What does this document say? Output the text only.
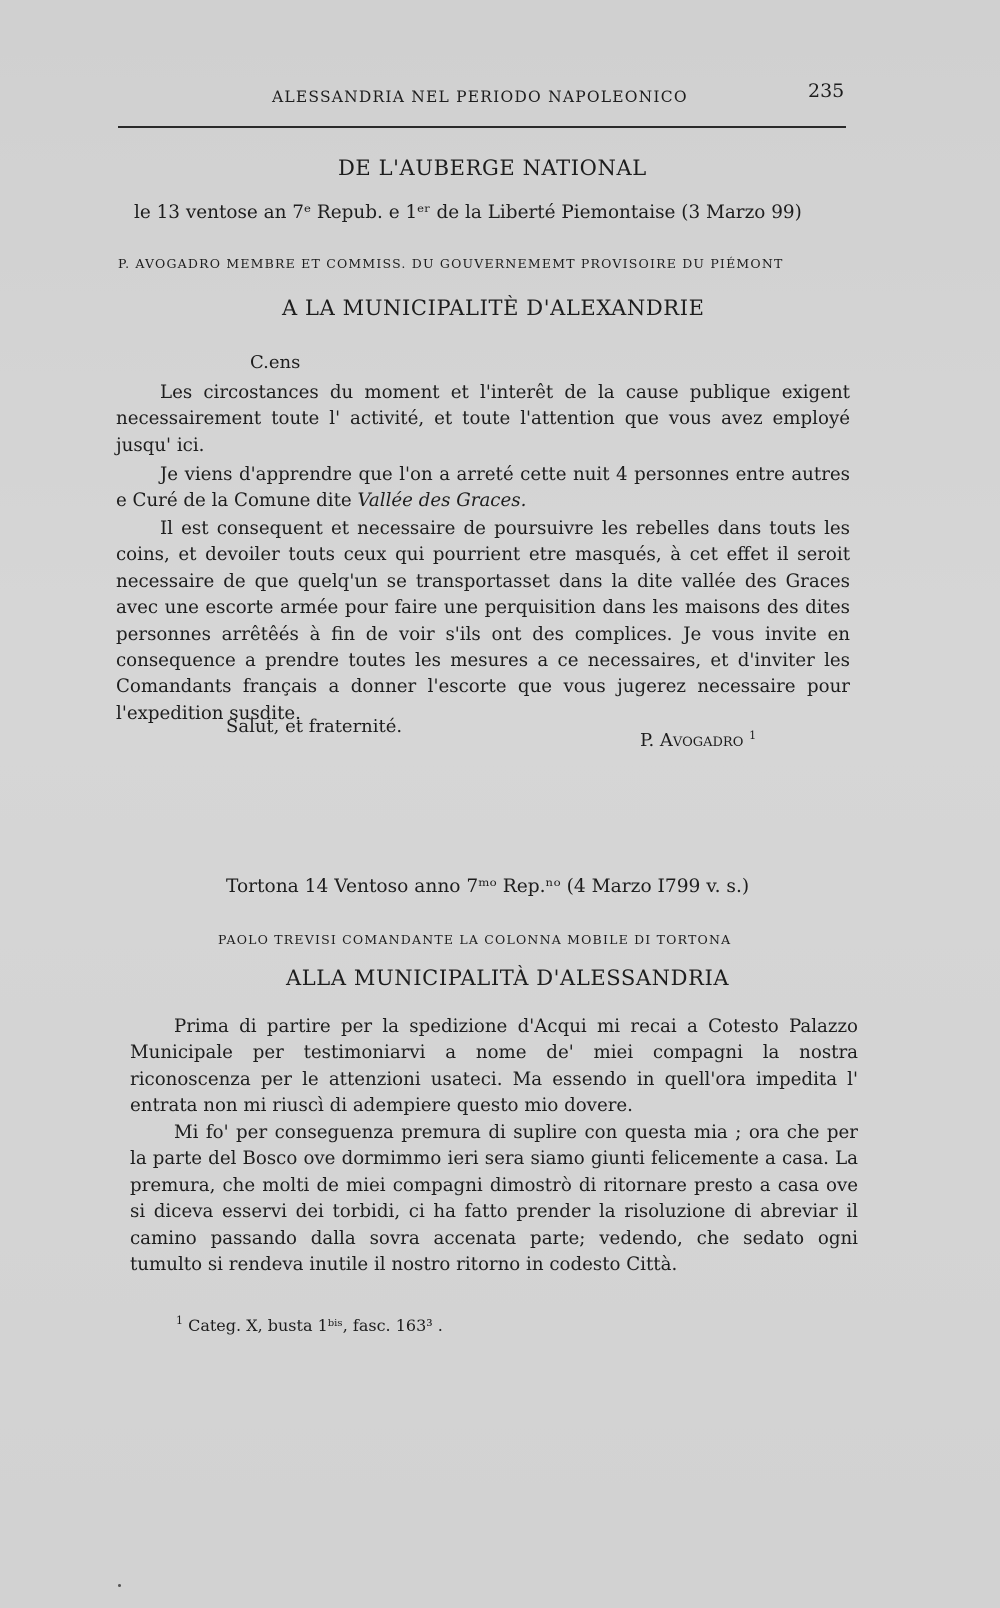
ALESSANDRIA NEL PERIODO NAPOLEONICO	235
DE L'AUBERGE NATIONAL
le 13 ventose an 7ᵉ Repub. e 1ᵉʳ de la Liberté Piemontaise (3 Marzo 99)
P. AVOGADRO MEMBRE ET COMMISS. DU GOUVERNEMEMT PROVISOIRE DU PIÉMONT
A LA MUNICIPALITÈ D'ALEXANDRIE
C.ens
Les circostances du moment et l'interêt de la cause publique exigent necessairement toute l' activité, et toute l'attention que vous avez employé jusqu' ici.
Je viens d'apprendre que l'on a arreté cette nuit 4 personnes entre autres e Curé de la Comune dite Vallée des Graces.
Il est consequent et necessaire de poursuivre les rebelles dans touts les coins, et devoiler touts ceux qui pourrient etre masqués, à cet effet il seroit necessaire de que quelq'un se transportasset dans la dite vallée des Graces avec une escorte armée pour faire une perquisition dans les maisons des dites personnes arrêtêés à fin de voir s'ils ont des complices. Je vous invite en consequence a prendre toutes les mesures a ce necessaires, et d'inviter les Comandants français a donner l'escorte que vous jugerez necessaire pour l'expedition susdite.
Salut, et fraternité.
P. Avogadro $^1$
Tortona 14 Ventoso anno 7ᵐᵒ Rep.ⁿᵒ (4 Marzo I799 v. s.)
PAOLO TREVISI COMANDANTE LA COLONNA MOBILE DI TORTONA
ALLA MUNICIPALITÀ D'ALESSANDRIA
Prima di partire per la spedizione d'Acqui mi recai a Cotesto Palazzo Municipale per testimoniarvi a nome de' miei compagni la nostra riconoscenza per le attenzioni usateci. Ma essendo in quell'ora impedita l' entrata non mi riuscì di adempiere questo mio dovere.
Mi fo' per conseguenza premura di suplire con questa mia ; ora che per la parte del Bosco ove dormimmo ieri sera siamo giunti felicemente a casa. La premura, che molti de miei compagni dimostrò di ritornare presto a casa ove si diceva esservi dei torbidi, ci ha fatto prender la risoluzione di abreviar il camino passando dalla sovra accenata parte; vedendo, che sedato ogni tumulto si rendeva inutile il nostro ritorno in codesto Città.
$^1$ Categ. X, busta 1ᵇⁱˢ, fasc. 163³ .
